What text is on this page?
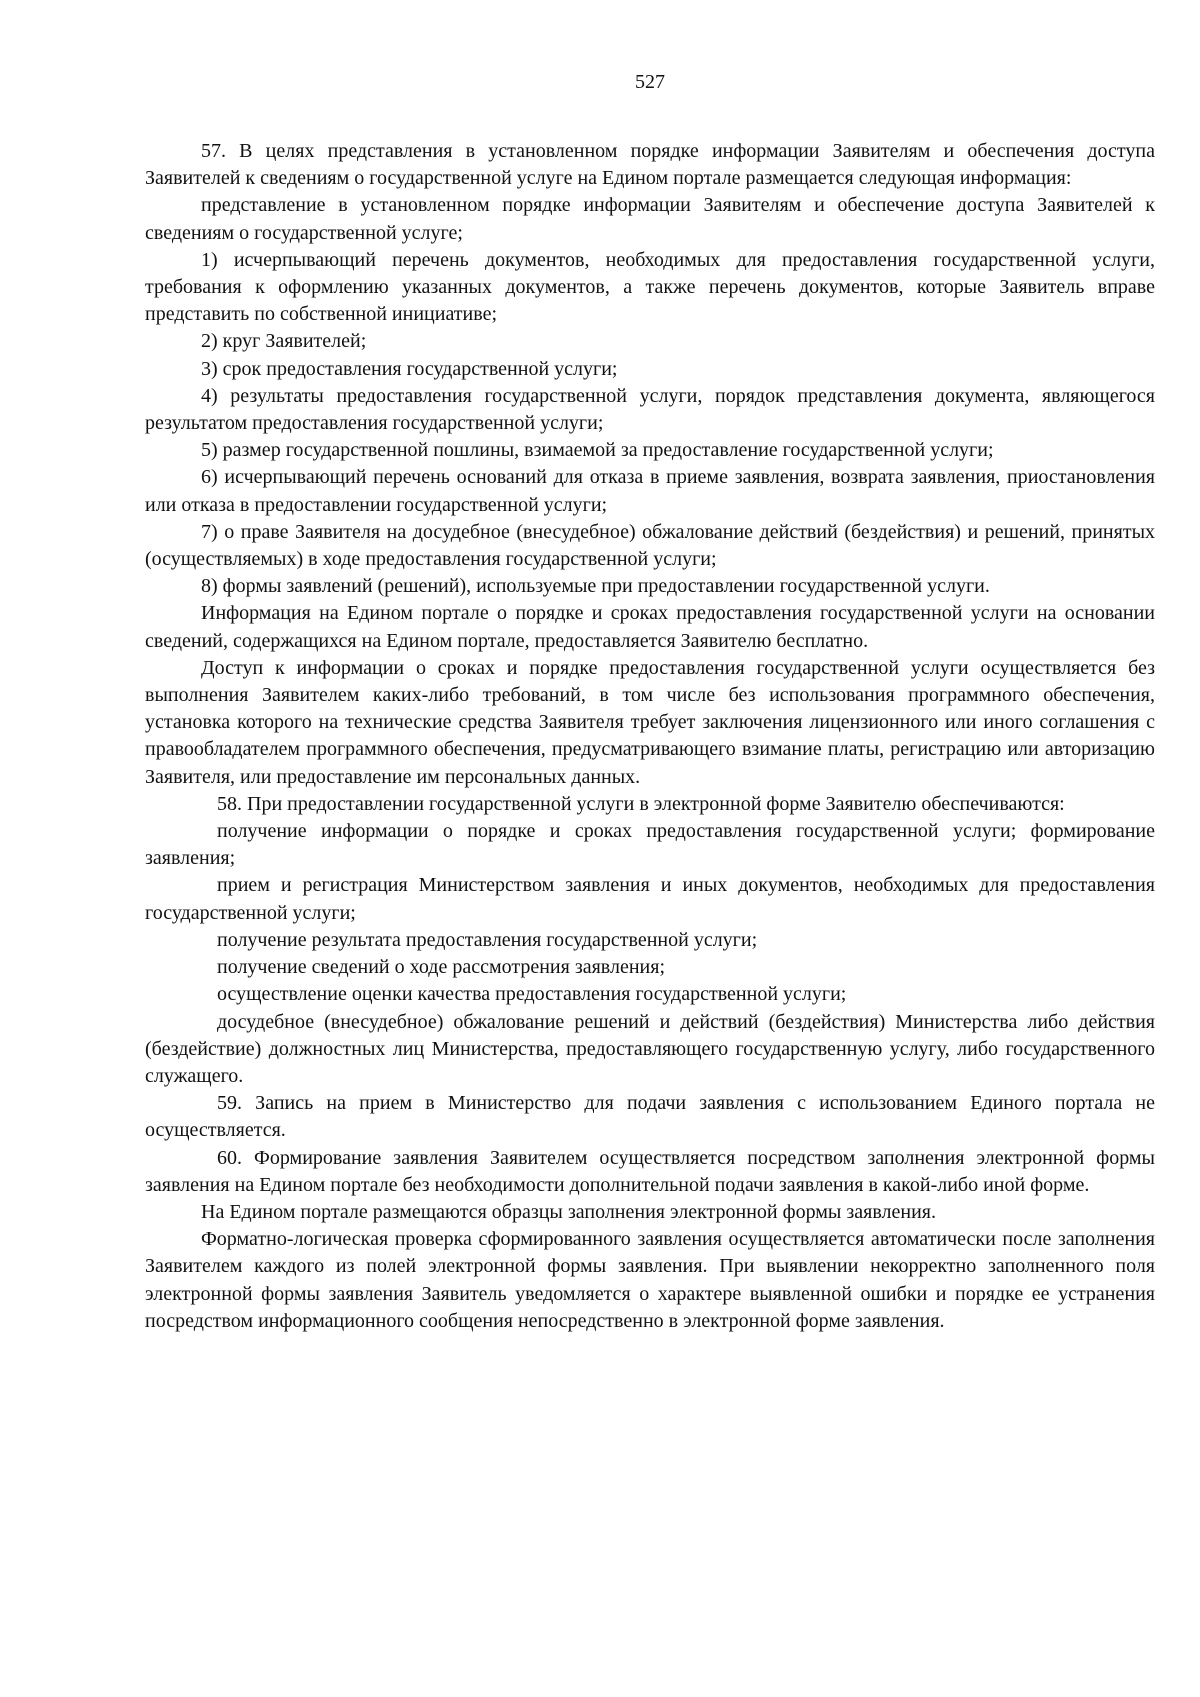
527

57. В целях представления в установленном порядке информации Заявителям и обеспечения доступа Заявителей к сведениям о государственной услуге на Едином портале размещается следующая информация:

представление в установленном порядке информации Заявителям и обеспечение доступа Заявителей к сведениям о государственной услуге;

1) исчерпывающий перечень документов, необходимых для предоставления государственной услуги, требования к оформлению указанных документов, а также перечень документов, которые Заявитель вправе представить по собственной инициативе;

2) круг Заявителей;

3) срок предоставления государственной услуги;

4) результаты предоставления государственной услуги, порядок представления документа, являющегося результатом предоставления государственной услуги;

5) размер государственной пошлины, взимаемой за предоставление государственной услуги;

6) исчерпывающий перечень оснований для отказа в приеме заявления, возврата заявления, приостановления или отказа в предоставлении государственной услуги;

7) о праве Заявителя на досудебное (внесудебное) обжалование действий (бездействия) и решений, принятых (осуществляемых) в ходе предоставления государственной услуги;

8) формы заявлений (решений), используемые при предоставлении государственной услуги.

Информация на Едином портале о порядке и сроках предоставления государственной услуги на основании сведений, содержащихся на Едином портале, предоставляется Заявителю бесплатно.

Доступ к информации о сроках и порядке предоставления государственной услуги осуществляется без выполнения Заявителем каких-либо требований, в том числе без использования программного обеспечения, установка которого на технические средства Заявителя требует заключения лицензионного или иного соглашения с правообладателем программного обеспечения, предусматривающего взимание платы, регистрацию или авторизацию Заявителя, или предоставление им персональных данных.

58. При предоставлении государственной услуги в электронной форме Заявителю обеспечиваются:

получение информации о порядке и сроках предоставления государственной услуги; формирование заявления;

прием и регистрация Министерством заявления и иных документов, необходимых для предоставления государственной услуги;

получение результата предоставления государственной услуги;

получение сведений о ходе рассмотрения заявления;

осуществление оценки качества предоставления государственной услуги;

досудебное (внесудебное) обжалование решений и действий (бездействия) Министерства либо действия (бездействие) должностных лиц Министерства, предоставляющего государственную услугу, либо государственного служащего.

59. Запись на прием в Министерство для подачи заявления с использованием Единого портала не осуществляется.

60. Формирование заявления Заявителем осуществляется посредством заполнения электронной формы заявления на Едином портале без необходимости дополнительной подачи заявления в какой-либо иной форме.

На Едином портале размещаются образцы заполнения электронной формы заявления.

Форматно-логическая проверка сформированного заявления осуществляется автоматически после заполнения Заявителем каждого из полей электронной формы заявления. При выявлении некорректно заполненного поля электронной формы заявления Заявитель уведомляется о характере выявленной ошибки и порядке ее устранения посредством информационного сообщения непосредственно в электронной форме заявления.
